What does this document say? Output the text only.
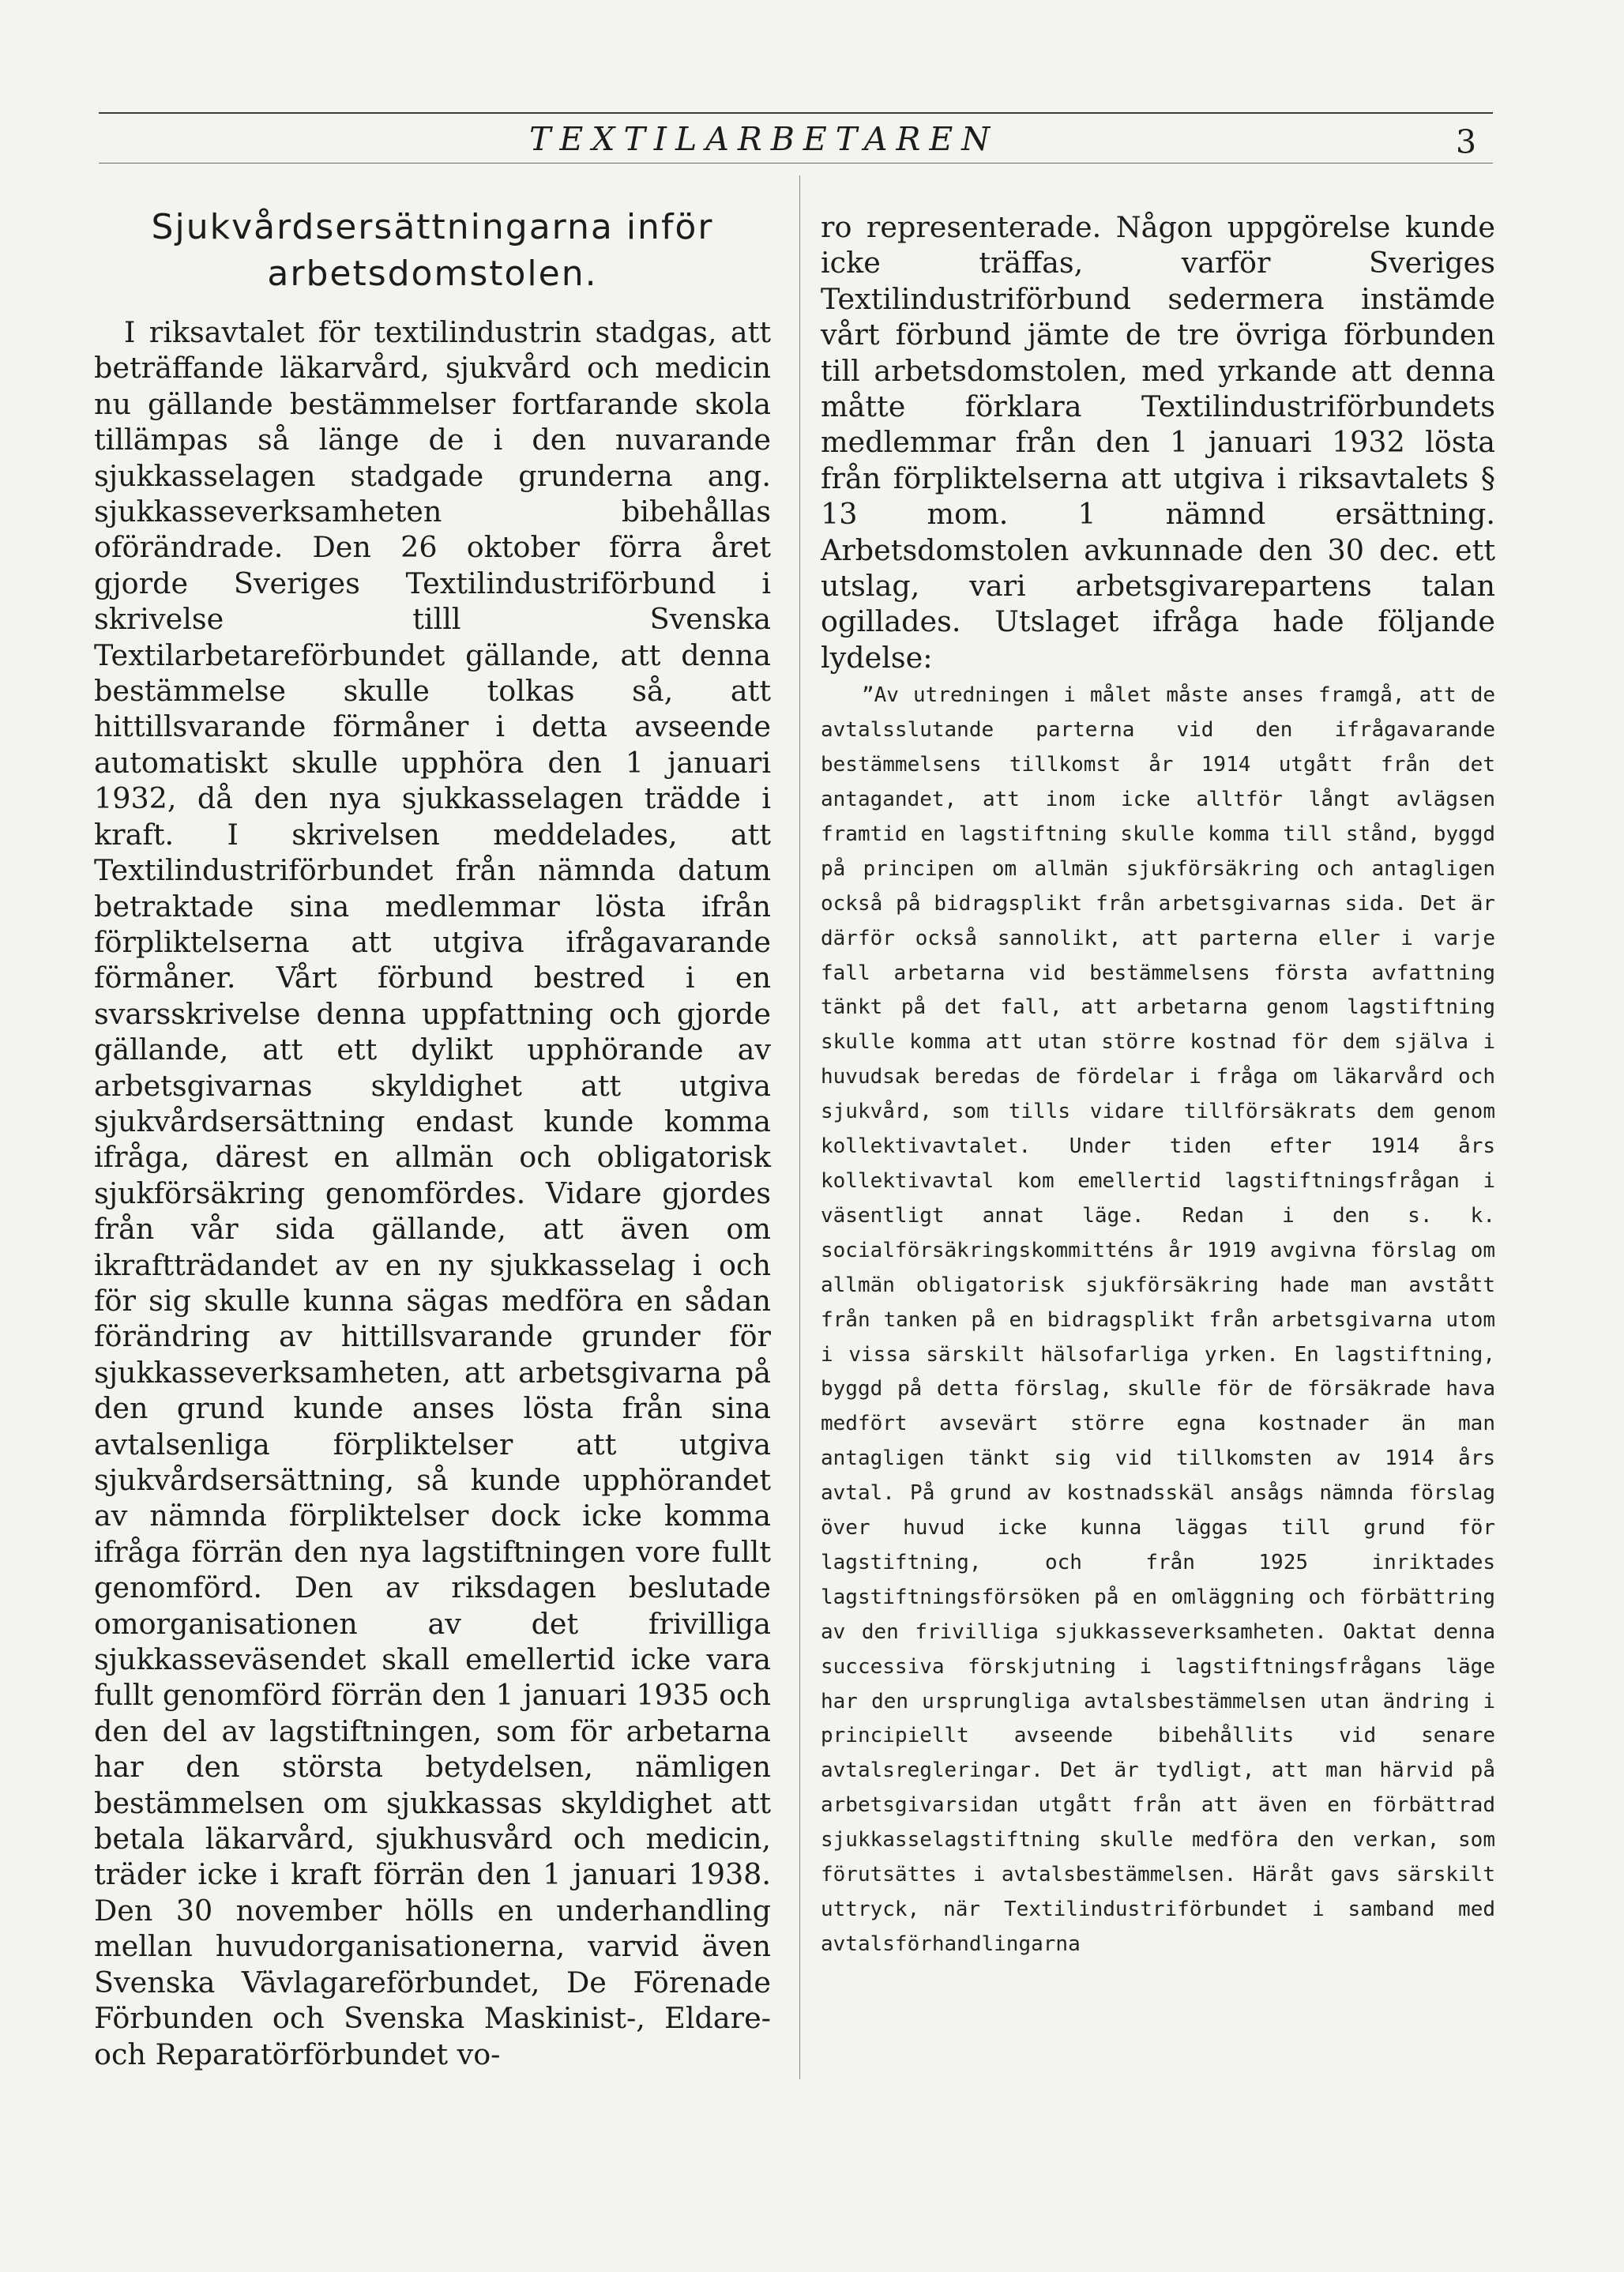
TEXTILARBETAREN	3
Sjukvårdsersättningarna inför arbetsdomstolen.

I riksavtalet för textilindustrin stadgas, att beträffande läkarvård, sjukvård och medicin nu gällande bestämmelser fortfarande skola tillämpas så länge de i den nuvarande sjukkasselagen stadgade grunderna ang. sjukkasseverksamheten bibehållas oförändrade. Den 26 oktober förra året gjorde Sveriges Textilindustriförbund i skrivelse tilll Svenska Textilarbetareförbundet gällande, att denna bestämmelse skulle tolkas så, att hittillsvarande förmåner i detta avseende automatiskt skulle upphöra den 1 januari 1932, då den nya sjukkasselagen trädde i kraft. I skrivelsen meddelades, att Textilindustriförbundet från nämnda datum betraktade sina medlemmar lösta ifrån förpliktelserna att utgiva ifrågavarande förmåner. Vårt förbund bestred i en svarsskrivelse denna uppfattning och gjorde gällande, att ett dylikt upphörande av arbetsgivarnas skyldighet att utgiva sjukvårdsersättning endast kunde komma ifråga, därest en allmän och obligatorisk sjukförsäkring genomfördes. Vidare gjordes från vår sida gällande, att även om ikraftträdandet av en ny sjukkasselag i och för sig skulle kunna sägas medföra en sådan förändring av hittillsvarande grunder för sjukkasseverksamheten, att arbetsgivarna på den grund kunde anses lösta från sina avtalsenliga förpliktelser att utgiva sjukvårdsersättning, så kunde upphörandet av nämnda förpliktelser dock icke komma ifråga förrän den nya lagstiftningen vore fullt genomförd. Den av riksdagen beslutade omorganisationen av det frivilliga sjukkasseväsendet skall emellertid icke vara fullt genomförd förrän den 1 januari 1935 och den del av lagstiftningen, som för arbetarna har den största betydelsen, nämligen bestämmelsen om sjukkassas skyldighet att betala läkarvård, sjukhusvård och medicin, träder icke i kraft förrän den 1 januari 1938. Den 30 november hölls en underhandling mellan huvudorganisationerna, varvid även Svenska Vävlagareförbundet, De Förenade Förbunden och Svenska Maskinist-, Eldare- och Reparatörförbundet vo-

ro representerade. Någon uppgörelse kunde icke träffas, varför Sveriges Textilindustriförbund sedermera instämde vårt förbund jämte de tre övriga förbunden till arbetsdomstolen, med yrkande att denna måtte förklara Textilindustriförbundets medlemmar från den 1 januari 1932 lösta från förpliktelserna att utgiva i riksavtalets § 13 mom. 1 nämnd ersättning. Arbetsdomstolen avkunnade den 30 dec. ett utslag, vari arbetsgivarepartens talan ogillades. Utslaget ifråga hade följande lydelse:

”Av utredningen i målet måste anses framgå, att de avtalsslutande parterna vid den ifrågavarande bestämmelsens tillkomst år 1914 utgått från det antagandet, att inom icke alltför långt avlägsen framtid en lagstiftning skulle komma till stånd, byggd på principen om allmän sjukförsäkring och antagligen också på bidragsplikt från arbetsgivarnas sida. Det är därför också sannolikt, att parterna eller i varje fall arbetarna vid bestämmelsens första avfattning tänkt på det fall, att arbetarna genom lagstiftning skulle komma att utan större kostnad för dem själva i huvudsak beredas de fördelar i fråga om läkarvård och sjukvård, som tills vidare tillförsäkrats dem genom kollektivavtalet. Under tiden efter 1914 års kollektivavtal kom emellertid lagstiftningsfrågan i väsentligt annat läge. Redan i den s. k. socialförsäkringskommitténs år 1919 avgivna förslag om allmän obligatorisk sjukförsäkring hade man avstått från tanken på en bidragsplikt från arbetsgivarna utom i vissa särskilt hälsofarliga yrken. En lagstiftning, byggd på detta förslag, skulle för de försäkrade hava medfört avsevärt större egna kostnader än man antagligen tänkt sig vid tillkomsten av 1914 års avtal. På grund av kostnadsskäl ansågs nämnda förslag över huvud icke kunna läggas till grund för lagstiftning, och från 1925 inriktades lagstiftningsförsöken på en omläggning och förbättring av den frivilliga sjukkasseverksamheten. Oaktat denna successiva förskjutning i lagstiftningsfrågans läge har den ursprungliga avtalsbestämmelsen utan ändring i principiellt avseende bibehållits vid senare avtalsregleringar. Det är tydligt, att man härvid på arbetsgivarsidan utgått från att även en förbättrad sjukkasselagstiftning skulle medföra den verkan, som förutsättes i avtalsbestämmelsen. Häråt gavs särskilt uttryck, när Textilindustriförbundet i samband med avtalsförhandlingarna
